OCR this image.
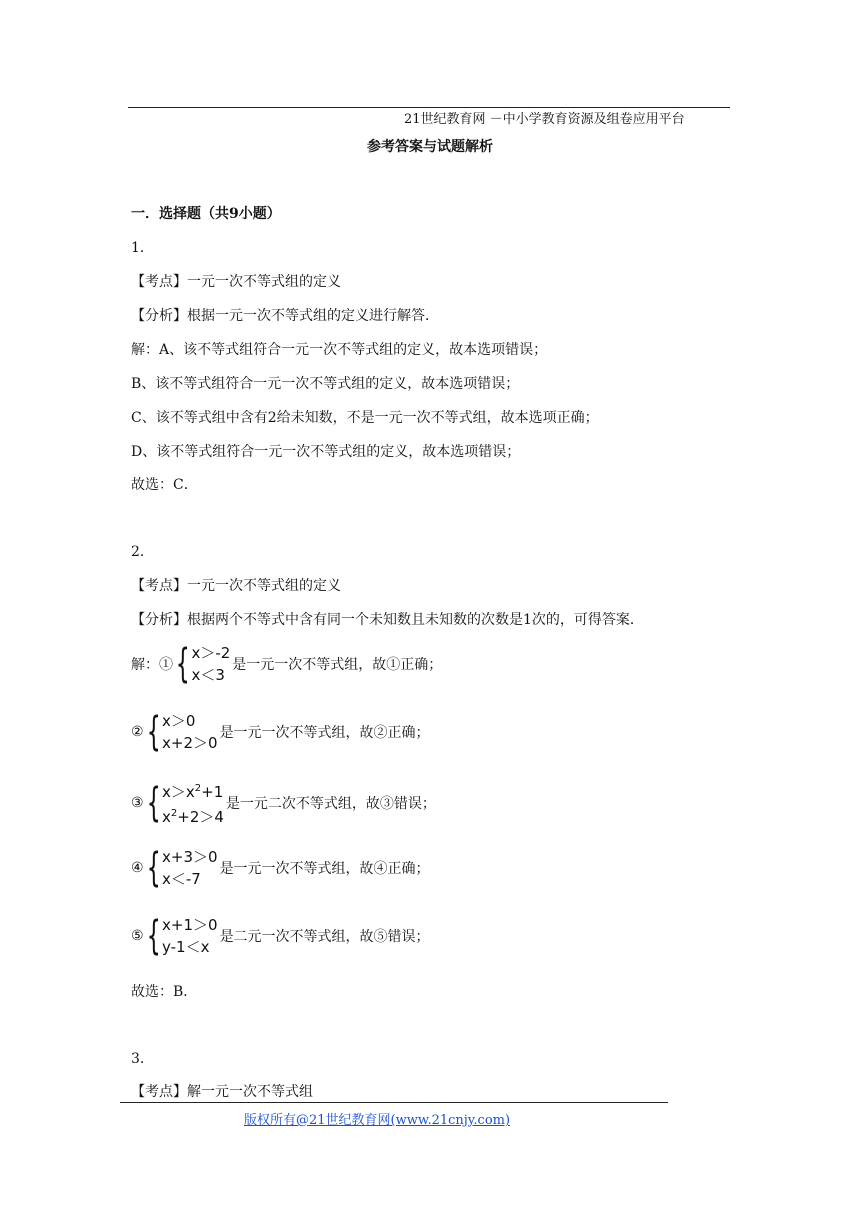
21世纪教育网 －中小学教育资源及组卷应用平台
参考答案与试题解析
一．选择题（共9小题）
1．
【考点】一元一次不等式组的定义
【分析】根据一元一次不等式组的定义进行解答．
解：A、该不等式组符合一元一次不等式组的定义，故本选项错误；
B、该不等式组符合一元一次不等式组的定义，故本选项错误；
C、该不等式组中含有2给未知数，不是一元一次不等式组，故本选项正确；
D、该不等式组符合一元一次不等式组的定义，故本选项错误；
故选：C．
2．
【考点】一元一次不等式组的定义
【分析】根据两个不等式中含有同一个未知数且未知数的次数是1次的，可得答案．
解：① { x＞-2
x＜3
是一元一次不等式组，故①正确；
② { x＞0
x+2＞0
是一元一次不等式组，故②正确；
③ { $x>x^2+1$
$x^2+2>4$
是一元二次不等式组，故③错误；
④ { x+3＞0
x＜-7
是一元一次不等式组，故④正确；
⑤ { x+1＞0
y-1＜x
是二元一次不等式组，故⑤错误；
故选：B．
3．
【考点】解一元一次不等式组
版权所有@21世纪教育网(www.21cnjy.com)
